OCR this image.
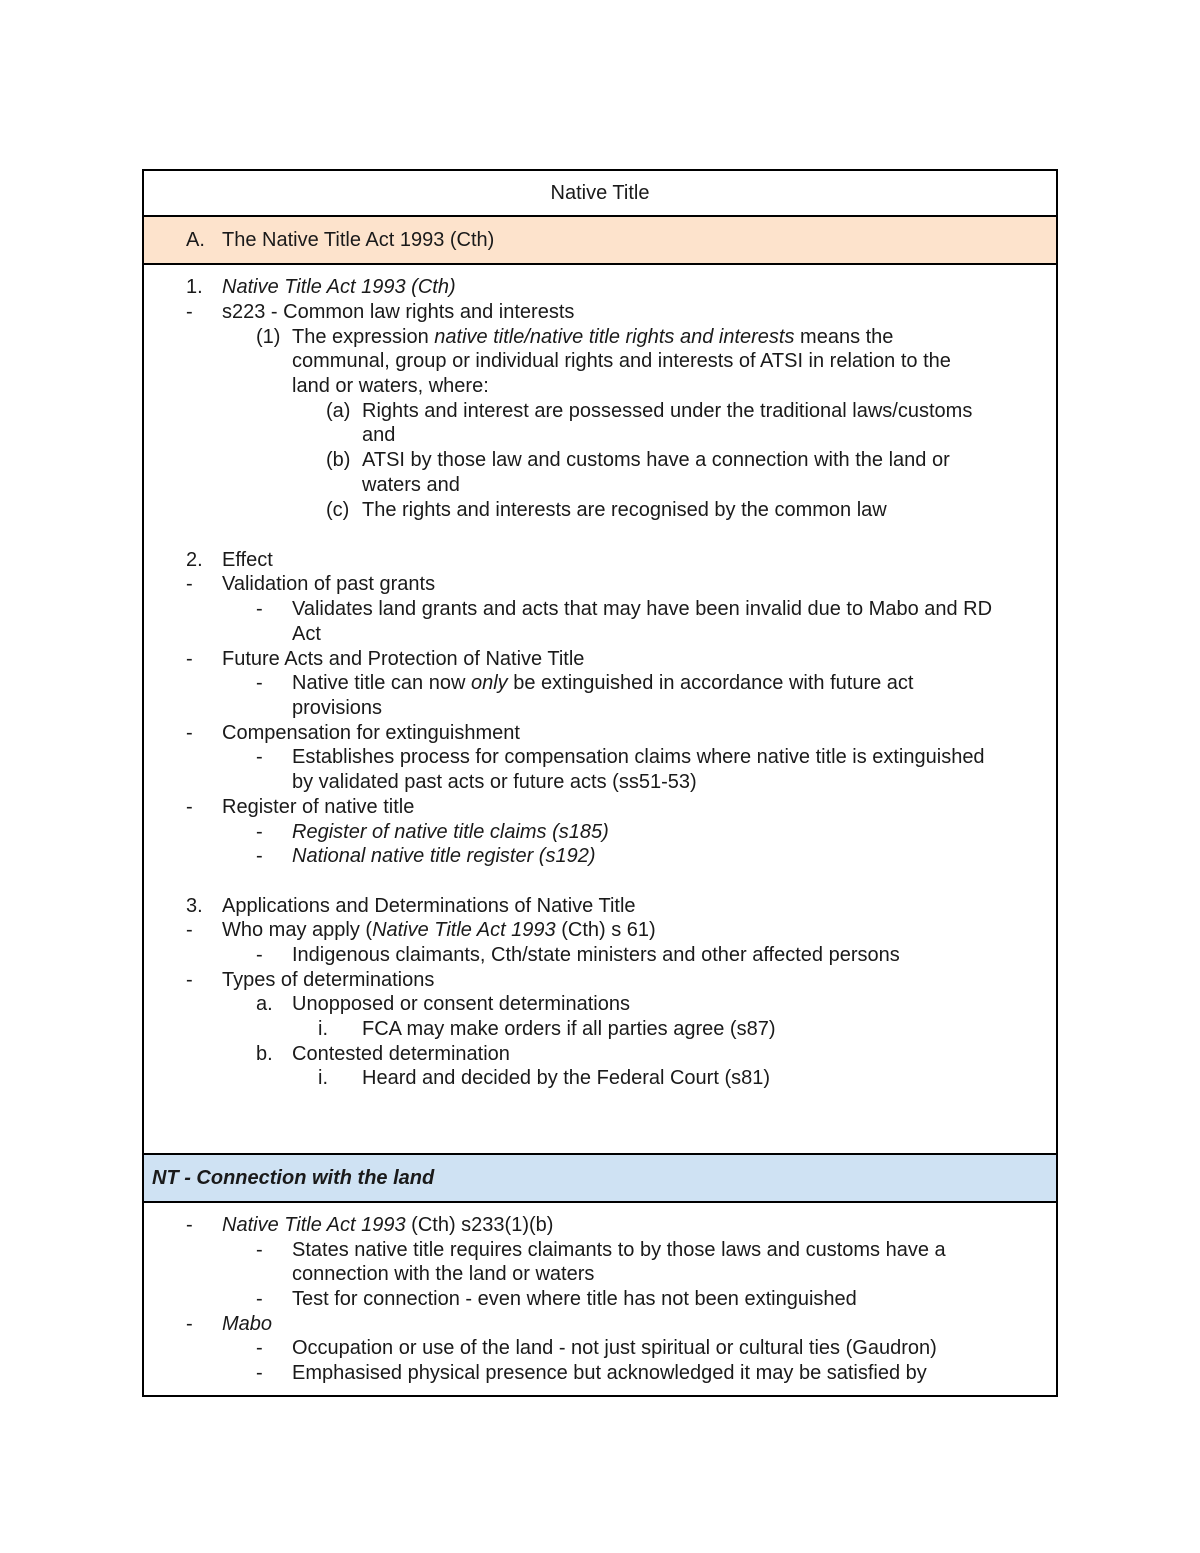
Native Title
A. The Native Title Act 1993 (Cth)
1. Native Title Act 1993 (Cth)
- s223 - Common law rights and interests
(1) The expression native title/native title rights and interests means the
communal, group or individual rights and interests of ATSI in relation to the
land or waters, where:
(a) Rights and interest are possessed under the traditional laws/customs
and
(b) ATSI by those law and customs have a connection with the land or
waters and
(c) The rights and interests are recognised by the common law
2. Effect
- Validation of past grants
- Validates land grants and acts that may have been invalid due to Mabo and RD
Act
- Future Acts and Protection of Native Title
- Native title can now only be extinguished in accordance with future act
provisions
- Compensation for extinguishment
- Establishes process for compensation claims where native title is extinguished
by validated past acts or future acts (ss51-53)
- Register of native title
- Register of native title claims (s185)
- National native title register (s192)
3. Applications and Determinations of Native Title
- Who may apply (Native Title Act 1993 (Cth) s 61)
- Indigenous claimants, Cth/state ministers and other affected persons
- Types of determinations
a. Unopposed or consent determinations
i. FCA may make orders if all parties agree (s87)
b. Contested determination
i. Heard and decided by the Federal Court (s81)
NT - Connection with the land
- Native Title Act 1993 (Cth) s233(1)(b)
- States native title requires claimants to by those laws and customs have a
connection with the land or waters
- Test for connection - even where title has not been extinguished
- Mabo
- Occupation or use of the land - not just spiritual or cultural ties (Gaudron)
- Emphasised physical presence but acknowledged it may be satisfied by
